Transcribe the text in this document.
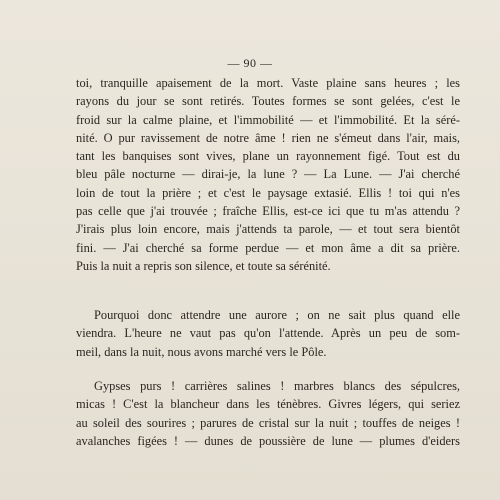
— 90 —
toi, tranquille apaisement de la mort. Vaste plaine sans heures ; les
rayons du jour se sont retirés. Toutes formes se sont gelées, c'est le
froid sur la calme plaine, et l'immobilité — et l'immobilité. Et la séré-
nité. O pur ravissement de notre âme ! rien ne s'émeut dans l'air, mais,
tant les banquises sont vives, plane un rayonnement figé. Tout est du
bleu pâle nocturne — dirai-je, la lune ? — La Lune. — J'ai cherché
loin de tout la prière ; et c'est le paysage extasié. Ellis ! toi qui n'es
pas celle que j'ai trouvée ; fraîche Ellis, est-ce ici que tu m'as attendu ?
J'irais plus loin encore, mais j'attends ta parole, — et tout sera bientôt
fini. — J'ai cherché sa forme perdue — et mon âme a dit sa prière.
Puis la nuit a repris son silence, et toute sa sérénité.
Pourquoi donc attendre une aurore ; on ne sait plus quand elle
viendra. L'heure ne vaut pas qu'on l'attende. Après un peu de som-
meil, dans la nuit, nous avons marché vers le Pôle.
Gypses purs ! carrières salines ! marbres blancs des sépulcres,
micas ! C'est la blancheur dans les ténèbres. Givres légers, qui seriez
au soleil des sourires ; parures de cristal sur la nuit ; touffes de neiges !
avalanches figées ! — dunes de poussière de lune — plumes d'eiders
